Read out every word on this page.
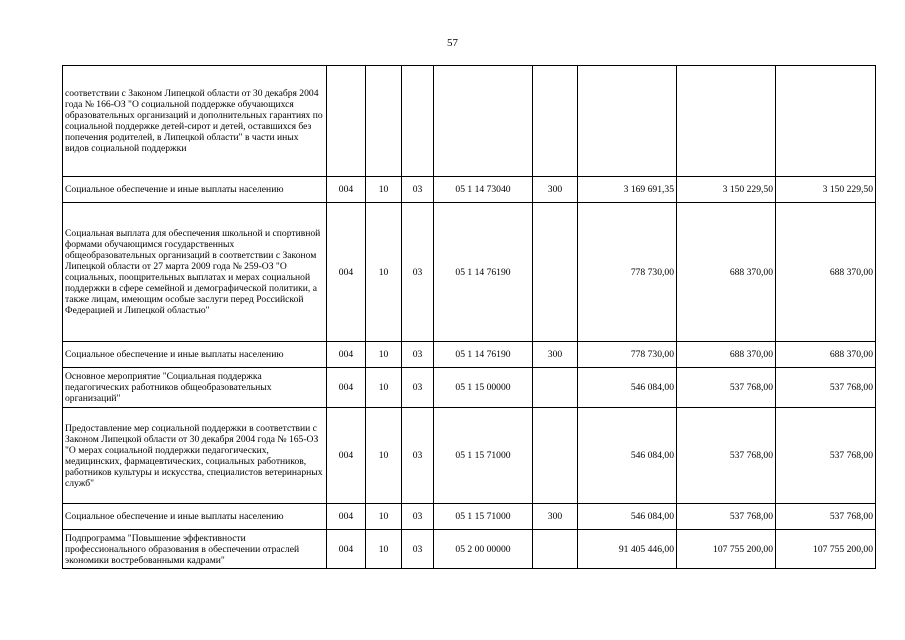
57
соответствии с Законом Липецкой области от 30 декабря 2004 года № 166-ОЗ "О социальной поддержке обучающихся образовательных организаций и дополнительных гарантиях по социальной поддержке детей-сирот и детей, оставшихся без попечения родителей, в Липецкой области" в части иных видов социальной поддержки								
Социальное обеспечение и иные выплаты населению	004	10	03	05 1 14 73040	300	3 169 691,35	3 150 229,50	3 150 229,50
Социальная выплата для обеспечения школьной и спортивной формами обучающимся государственных общеобразовательных организаций в соответствии с Законом Липецкой области от 27 марта 2009 года № 259-ОЗ "О социальных, поощрительных выплатах и мерах социальной поддержки в сфере семейной и демографической политики, а также лицам, имеющим особые заслуги перед Российской Федерацией и Липецкой областью"	004	10	03	05 1 14 76190		778 730,00	688 370,00	688 370,00
Социальное обеспечение и иные выплаты населению	004	10	03	05 1 14 76190	300	778 730,00	688 370,00	688 370,00
Основное мероприятие "Социальная поддержка педагогических работников общеобразовательных организаций"	004	10	03	05 1 15 00000		546 084,00	537 768,00	537 768,00
Предоставление мер социальной поддержки в соответствии с Законом Липецкой области от 30 декабря 2004 года № 165-ОЗ "О мерах социальной поддержки педагогических, медицинских, фармацевтических, социальных работников, работников культуры и искусства, специалистов ветеринарных служб"	004	10	03	05 1 15 71000		546 084,00	537 768,00	537 768,00
Социальное обеспечение и иные выплаты населению	004	10	03	05 1 15 71000	300	546 084,00	537 768,00	537 768,00
Подпрограмма "Повышение эффективности профессионального образования в обеспечении отраслей экономики востребованными кадрами"	004	10	03	05 2 00 00000		91 405 446,00	107 755 200,00	107 755 200,00
